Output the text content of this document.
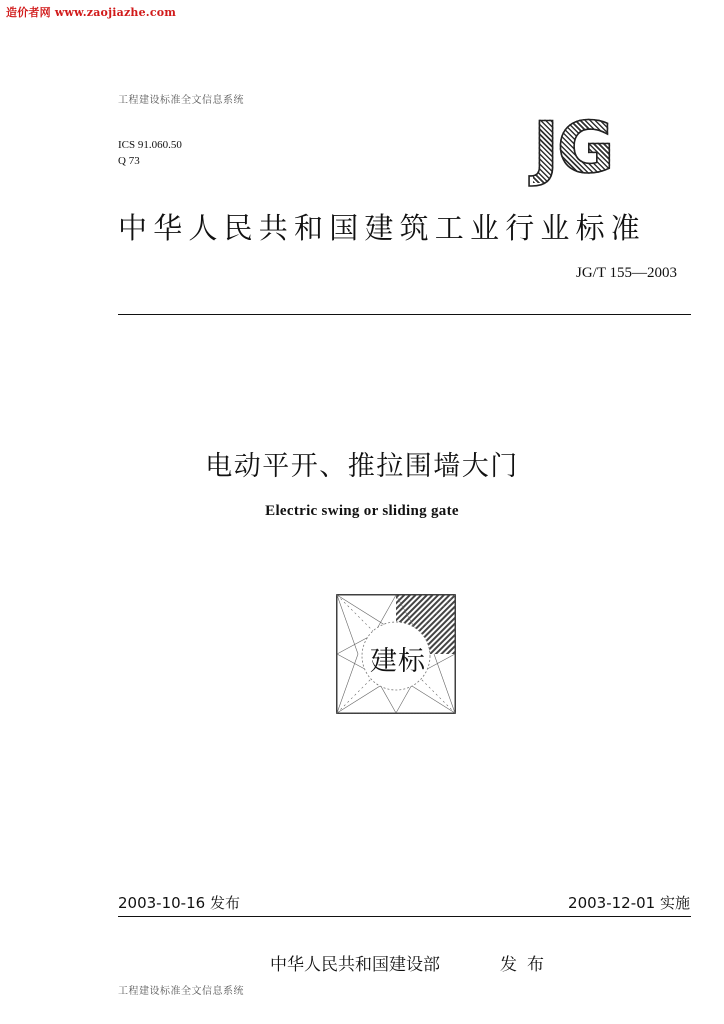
造价者网 www.zaojiazhe.com
工程建设标准全文信息系统
ICS 91.060.50
Q 73	JG
中华人民共和国建筑工业行业标准
JG/T 155—2003
电动平开、推拉围墙大门
Electric swing or sliding gate
建标
2003-10-16 发布	2003-12-01 实施
中华人民共和国建设部	发布
工程建设标准全文信息系统
